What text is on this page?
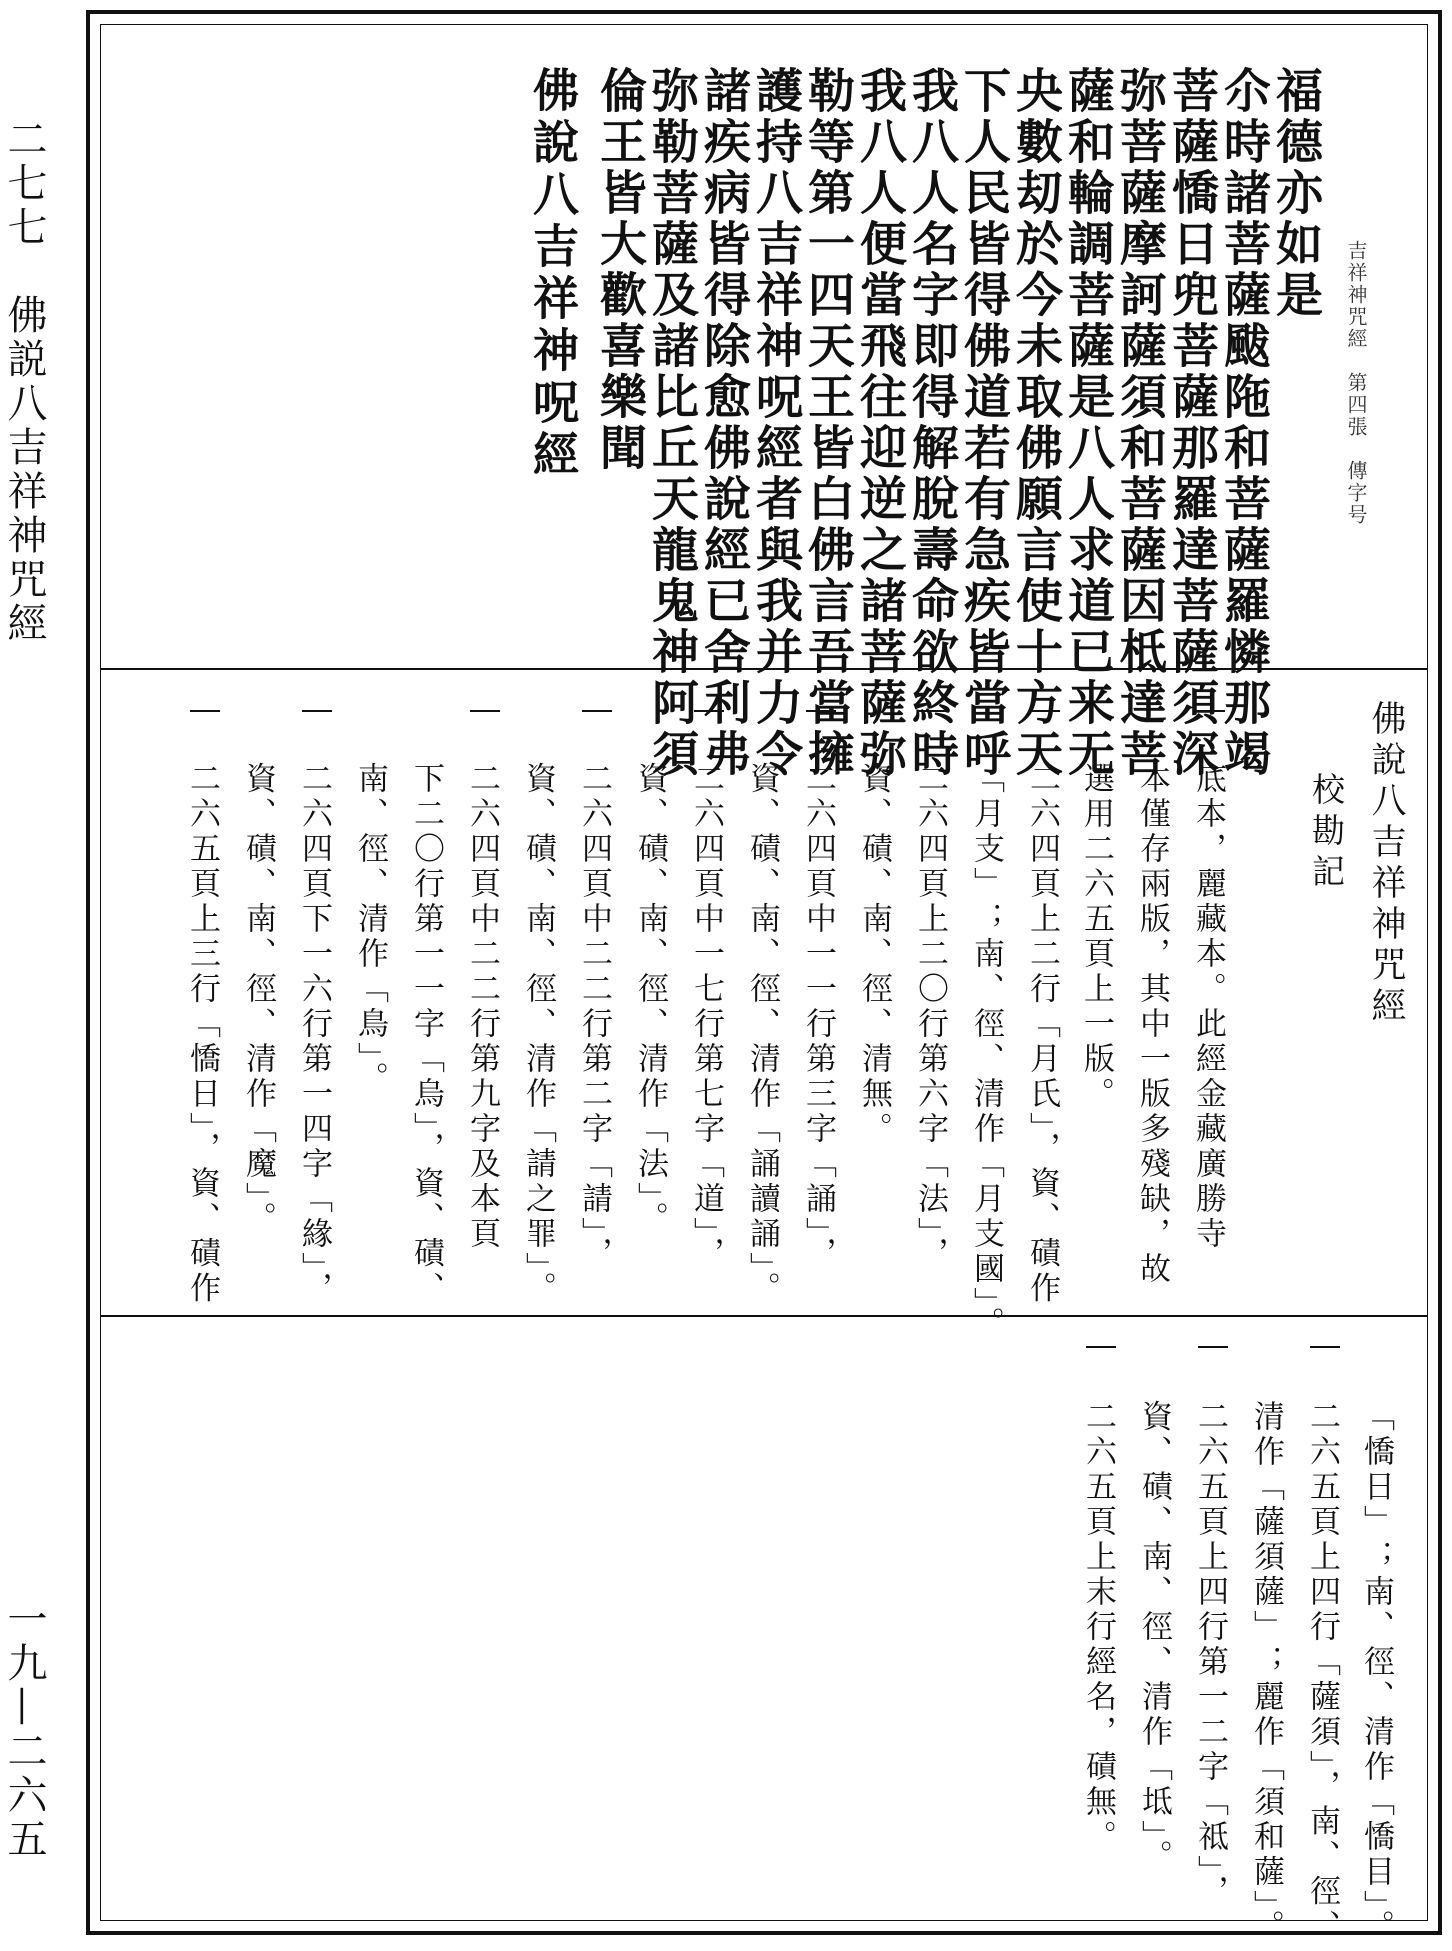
二七七　佛説八吉祥神咒經
一九—二六五
吉祥神咒經　第四張　傳字号
福德亦如是
尒時諸菩薩颰陁和菩薩羅憐那竭
菩薩憍日兜菩薩那羅達菩薩須深
弥菩薩摩訶薩須和菩薩因柢達菩
薩和輪調菩薩是八人求道已来无
央數刧於今未取佛願言使十方天
下人民皆得佛道若有急疾皆當呼
我八人名字即得解脫壽命欲終時
我八人便當飛往迎逆之諸菩薩弥
勒等第一四天王皆白佛言吾當擁
護持八吉祥神呪經者與我并力令
諸疾病皆得除愈佛說經已舍利弗
弥勒菩薩及諸比丘天龍鬼神阿須
倫王皆大歡喜樂聞
佛說八吉祥神呪經
佛說八吉祥神咒經
校勘記
底本，麗藏本。此經金藏廣勝寺
本僅存兩版，其中一版多殘缺，故
選用二六五頁上一版。
二六四頁上二行「月氏」，資、磧作
「月支」；南、徑、清作「月支國」。
二六四頁上二〇行第六字「法」，
資、磧、南、徑、清無。
二六四頁中一一行第三字「誦」，
資、磧、南、徑、清作「誦讀誦」。
二六四頁中一七行第七字「道」，
資、磧、南、徑、清作「法」。
二六四頁中二二行第二字「請」，
資、磧、南、徑、清作「請之罪」。
二六四頁中二二行第九字及本頁
下二〇行第一一字「烏」，資、磧、
南、徑、清作「鳥」。
二六四頁下一六行第一四字「緣」，
資、磧、南、徑、清作「魔」。
二六五頁上三行「憍日」，資、磧作
「憍日」；南、徑、清作「憍目」。
二六五頁上四行「薩須」，南、徑、
清作「薩須薩」；麗作「須和薩」。
二六五頁上四行第一二字「祗」，
資、磧、南、徑、清作「坻」。
二六五頁上末行經名，磧無。
